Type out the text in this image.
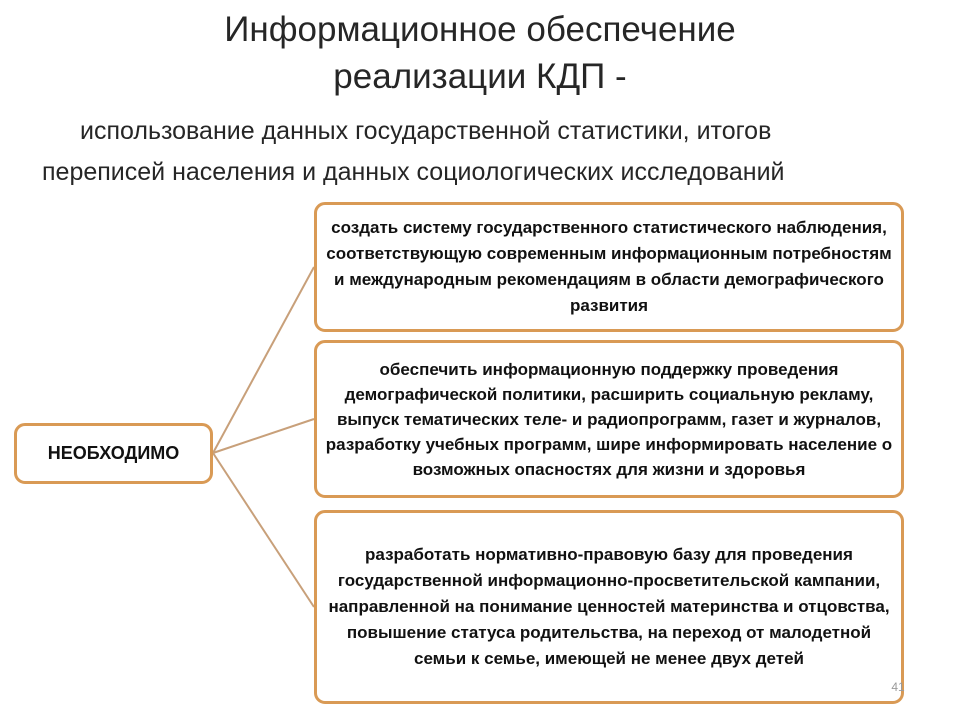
Информационное обеспечение
реализации КДП -
использование данных государственной статистики, итогов
переписей населения и данных социологических исследований
НЕОБХОДИМО
создать систему государственного статистического наблюдения, соответствующую современным информационным потребностям и международным рекомендациям в области демографического развития
обеспечить информационную поддержку проведения демографической политики, расширить социальную рекламу, выпуск тематических теле- и радиопрограмм, газет и журналов, разработку учебных программ, шире информировать население о возможных опасностях для жизни и здоровья
разработать нормативно-правовую базу для проведения государственной информационно-просветительской кампании, направленной на понимание ценностей материнства и отцовства, повышение статуса родительства, на переход от малодетной семьи к семье, имеющей не менее двух детей
41
